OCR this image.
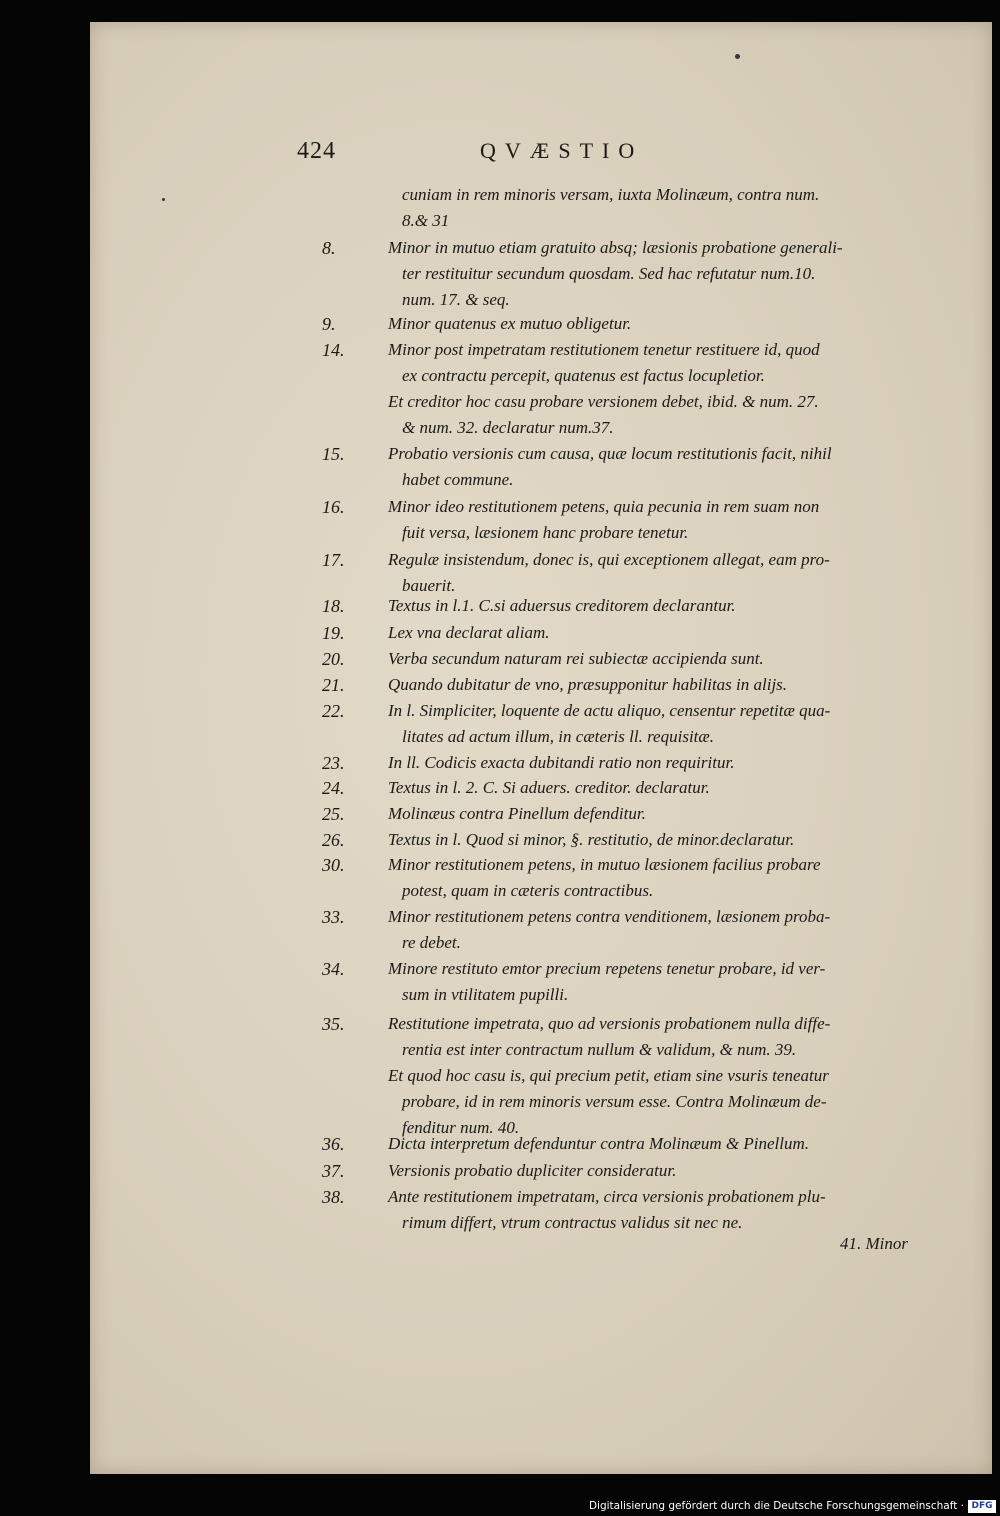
424	QVÆSTIO

cuniam in rem minoris versam, iuxta Molinæum, contra num.
8.& 31
8.	Minor in mutuo etiam gratuito absq; læsionis probatione generali-
ter restituitur secundum quosdam. Sed hac refutatur num.10.
num. 17. & seq.
9.	Minor quatenus ex mutuo obligetur.
14.	Minor post impetratam restitutionem tenetur restituere id, quod
ex contractu percepit, quatenus est factus locupletior.
Et creditor hoc casu probare versionem debet, ibid. & num. 27.
& num. 32. declaratur num.37.
15.	Probatio versionis cum causa, quæ locum restitutionis facit, nihil
habet commune.
16.	Minor ideo restitutionem petens, quia pecunia in rem suam non
fuit versa, læsionem hanc probare tenetur.
17.	Regulæ insistendum, donec is, qui exceptionem allegat, eam pro-
bauerit.
18.	Textus in l.1. C.si aduersus creditorem declarantur.
19.	Lex vna declarat aliam.
20.	Verba secundum naturam rei subiectæ accipienda sunt.
21.	Quando dubitatur de vno, præsupponitur habilitas in alijs.
22.	In l. Simpliciter, loquente de actu aliquo, censentur repetitæ qua-
litates ad actum illum, in cæteris ll. requisitæ.
23.	In ll. Codicis exacta dubitandi ratio non requiritur.
24.	Textus in l. 2. C. Si aduers. creditor. declaratur.
25.	Molinæus contra Pinellum defenditur.
26.	Textus in l. Quod si minor, §. restitutio, de minor.declaratur.
30.	Minor restitutionem petens, in mutuo læsionem facilius probare
potest, quam in cæteris contractibus.
33.	Minor restitutionem petens contra venditionem, læsionem proba-
re debet.
34.	Minore restituto emtor precium repetens tenetur probare, id ver-
sum in vtilitatem pupilli.
35.	Restitutione impetrata, quo ad versionis probationem nulla diffe-
rentia est inter contractum nullum & validum, & num. 39.
Et quod hoc casu is, qui precium petit, etiam sine vsuris teneatur
probare, id in rem minoris versum esse. Contra Molinæum de-
fenditur num. 40.
36.	Dicta interpretum defenduntur contra Molinæum & Pinellum.
37.	Versionis probatio dupliciter consideratur.
38.	Ante restitutionem impetratam, circa versionis probationem plu-
rimum differt, vtrum contractus validus sit nec ne.

41. Minor

Digitalisierung gefördert durch die Deutsche Forschungsgemeinschaft · DFG
